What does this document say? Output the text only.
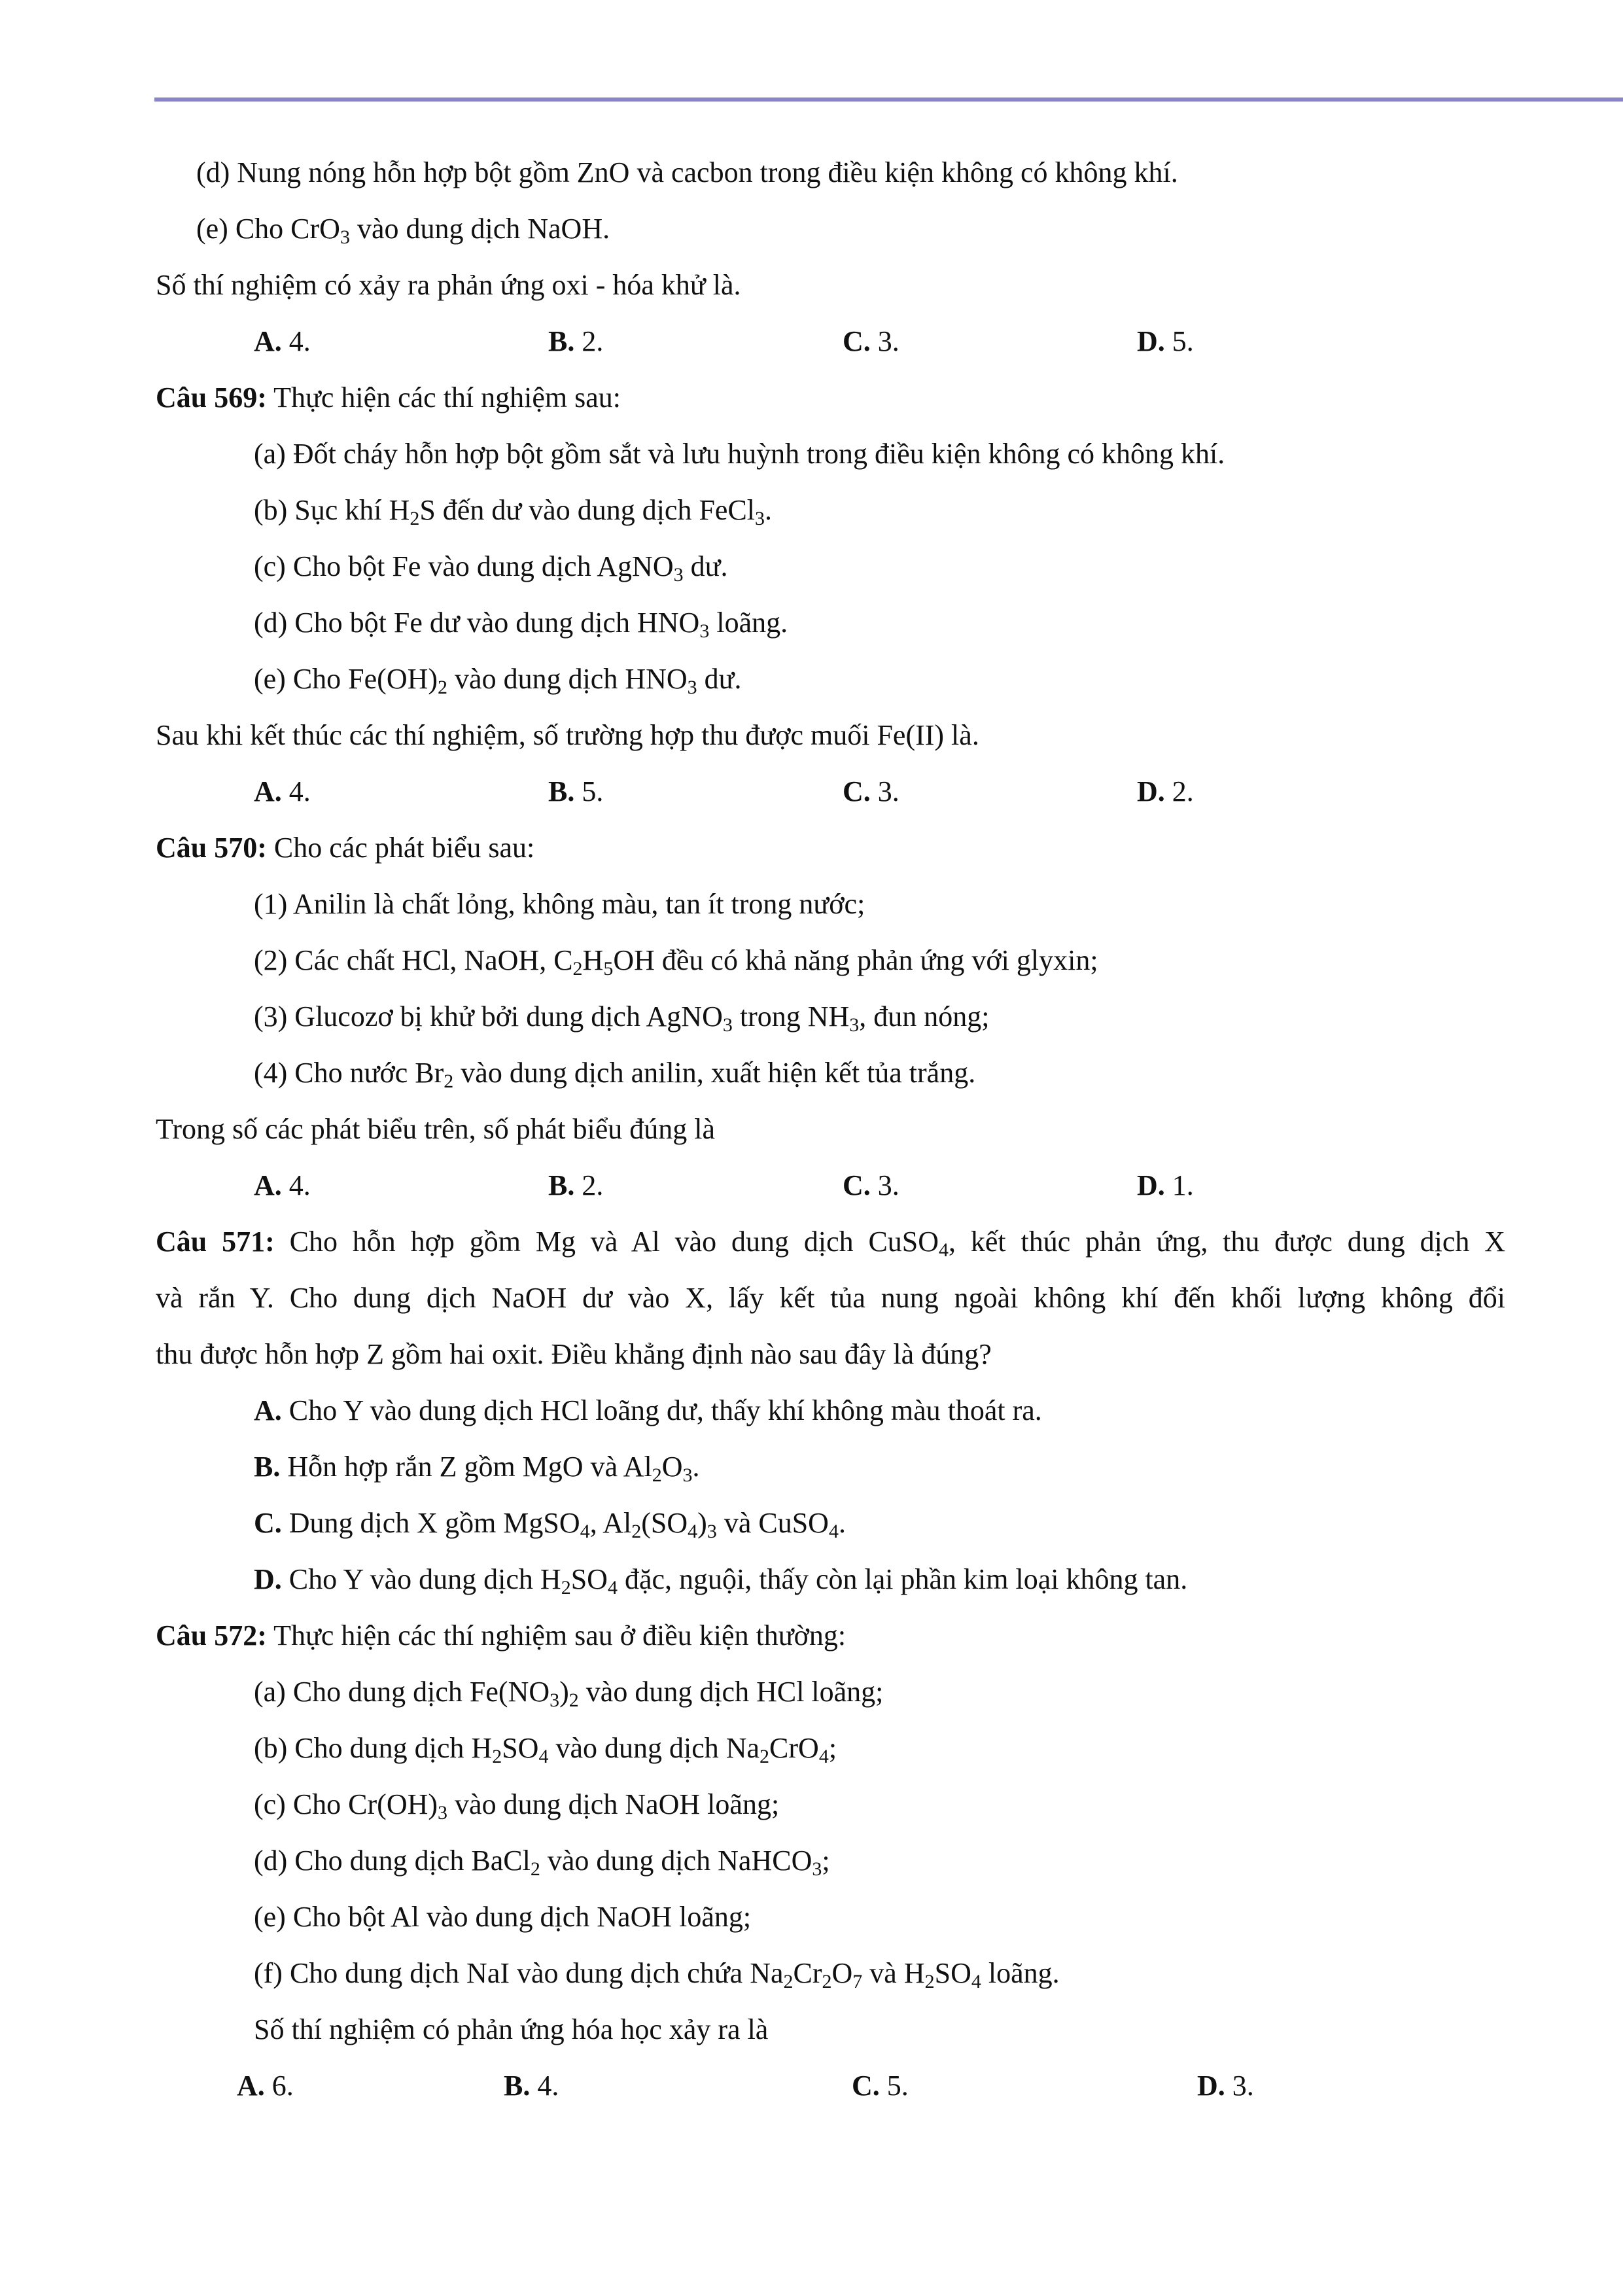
(d) Nung nóng hỗn hợp bột gồm ZnO và cacbon trong điều kiện không có không khí.
(e) Cho CrO$_3$ vào dung dịch NaOH.
Số thí nghiệm có xảy ra phản ứng oxi - hóa khử là.
A. 4.	B. 2.	C. 3.	D. 5.
Câu 569: Thực hiện các thí nghiệm sau:
(a) Đốt cháy hỗn hợp bột gồm sắt và lưu huỳnh trong điều kiện không có không khí.
(b) Sục khí $H_2S$ đến dư vào dung dịch FeCl$_3$.
(c) Cho bột Fe vào dung dịch AgNO$_3$ dư.
(d) Cho bột Fe dư vào dung dịch $HNO_3$ loãng.
(e) Cho $Fe(OH)_2$ vào dung dịch $HNO_3$ dư.
Sau khi kết thúc các thí nghiệm, số trường hợp thu được muối Fe(II) là.
A. 4.	B. 5.	C. 3.	D. 2.
Câu 570: Cho các phát biểu sau:
(1) Anilin là chất lỏng, không màu, tan ít trong nước;
(2) Các chất HCl, NaOH, $C_2H_5OH$ đều có khả năng phản ứng với glyxin;
(3) Glucozơ bị khử bởi dung dịch AgNO$_3$ trong $NH_3$, đun nóng;
(4) Cho nước $Br_2$ vào dung dịch anilin, xuất hiện kết tủa trắng.
Trong số các phát biểu trên, số phát biểu đúng là
A. 4.	B. 2.	C. 3.	D. 1.
Câu 571: Cho hỗn hợp gồm Mg và Al vào dung dịch CuSO$_4$, kết thúc phản ứng, thu được dung dịch X
và rắn Y. Cho dung dịch NaOH dư vào X, lấy kết tủa nung ngoài không khí đến khối lượng không đổi
thu được hỗn hợp Z gồm hai oxit. Điều khẳng định nào sau đây là đúng?
A. Cho Y vào dung dịch HCl loãng dư, thấy khí không màu thoát ra.
B. Hỗn hợp rắn Z gồm MgO và $Al_2O_3$.
C. Dung dịch X gồm MgSO$_4$, $Al_2(SO_4)_3$ và CuSO$_4$.
D. Cho Y vào dung dịch $H_2SO_4$ đặc, nguội, thấy còn lại phần kim loại không tan.
Câu 572: Thực hiện các thí nghiệm sau ở điều kiện thường:
(a) Cho dung dịch $Fe(NO_3)_2$ vào dung dịch HCl loãng;
(b) Cho dung dịch $H_2SO_4$ vào dung dịch $Na_2CrO_4$;
(c) Cho $Cr(OH)_3$ vào dung dịch NaOH loãng;
(d) Cho dung dịch BaCl$_2$ vào dung dịch NaHCO$_3$;
(e) Cho bột Al vào dung dịch NaOH loãng;
(f) Cho dung dịch NaI vào dung dịch chứa $Na_2Cr_2O_7$ và $H_2SO_4$ loãng.
Số thí nghiệm có phản ứng hóa học xảy ra là
A. 6.	B. 4.	C. 5.	D. 3.
